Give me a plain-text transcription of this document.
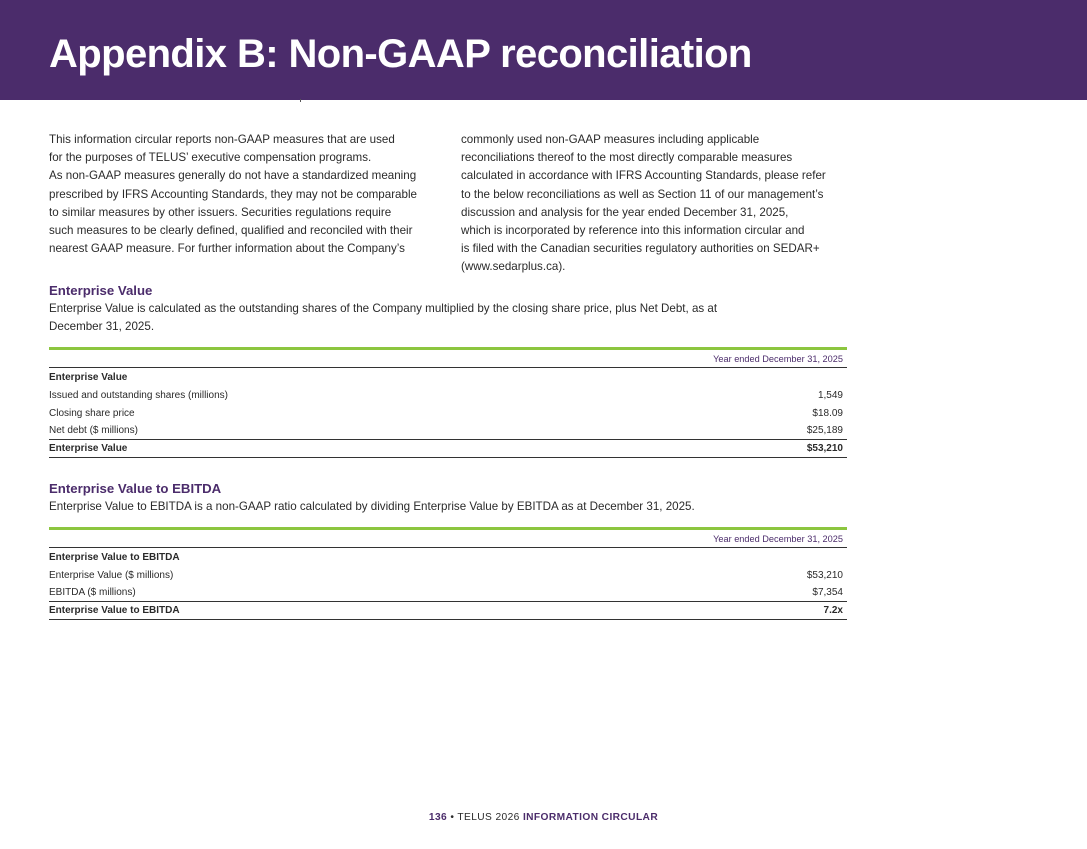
Appendix B: Non-GAAP reconciliation
This information circular reports non-GAAP measures that are used
for the purposes of TELUS’ executive compensation programs.
As non-GAAP measures generally do not have a standardized meaning
prescribed by IFRS Accounting Standards, they may not be comparable
to similar measures by other issuers. Securities regulations require
such measures to be clearly defined, qualified and reconciled with their
nearest GAAP measure. For further information about the Company’s
commonly used non-GAAP measures including applicable
reconciliations thereof to the most directly comparable measures
calculated in accordance with IFRS Accounting Standards, please refer
to the below reconciliations as well as Section 11 of our management’s
discussion and analysis for the year ended December 31, 2025,
which is incorporated by reference into this information circular and
is filed with the Canadian securities regulatory authorities on SEDAR+
(www.sedarplus.ca).
Enterprise Value
Enterprise Value is calculated as the outstanding shares of the Company multiplied by the closing share price, plus Net Debt, as at
December 31, 2025.
Year ended December 31, 2025
Enterprise Value
Issued and outstanding shares (millions)	1,549
Closing share price	$18.09
Net debt ($ millions)	$25,189
Enterprise Value	$53,210
Enterprise Value to EBITDA
Enterprise Value to EBITDA is a non-GAAP ratio calculated by dividing Enterprise Value by EBITDA as at December 31, 2025.
Year ended December 31, 2025
Enterprise Value to EBITDA
Enterprise Value ($ millions)	$53,210
EBITDA ($ millions)	$7,354
Enterprise Value to EBITDA	7.2x
136 • TELUS 2026 INFORMATION CIRCULAR
